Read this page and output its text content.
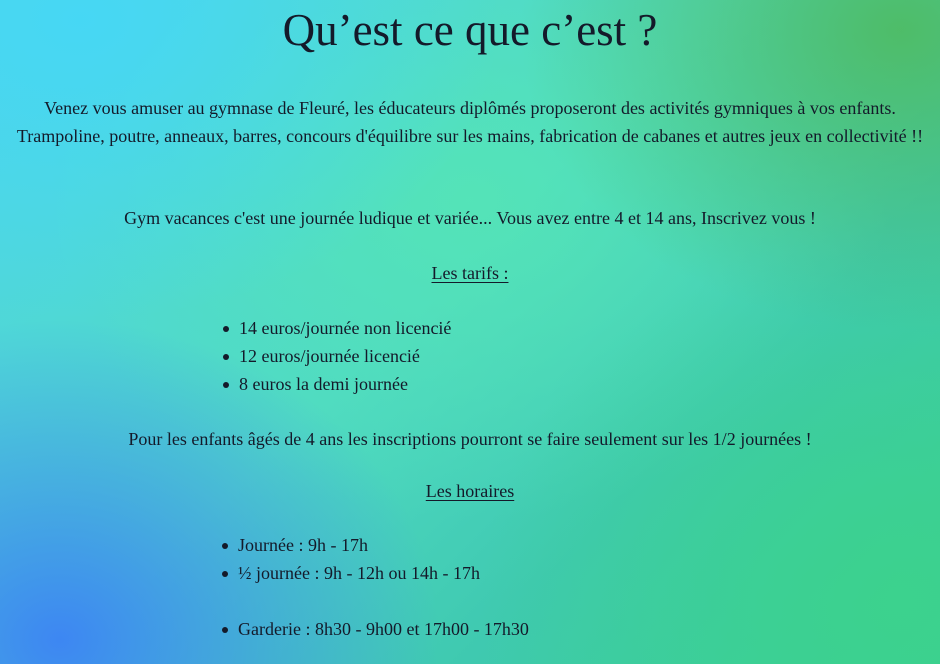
Qu’est ce que c’est ?

Venez vous amuser au gymnase de Fleuré, les éducateurs diplômés proposeront des activités gymniques à vos enfants. Trampoline, poutre, anneaux, barres, concours d'équilibre sur les mains, fabrication de cabanes et autres jeux en collectivité !!

Gym vacances c'est une journée ludique et variée... Vous avez entre 4 et 14 ans, Inscrivez vous !

Les tarifs :

14 euros/journée non licencié
12 euros/journée licencié
8 euros la demi journée

Pour les enfants âgés de 4 ans les inscriptions pourront se faire seulement sur les 1/2 journées !

Les horaires

Journée : 9h - 17h
½ journée : 9h - 12h ou 14h - 17h
Garderie : 8h30 - 9h00 et 17h00 - 17h30
